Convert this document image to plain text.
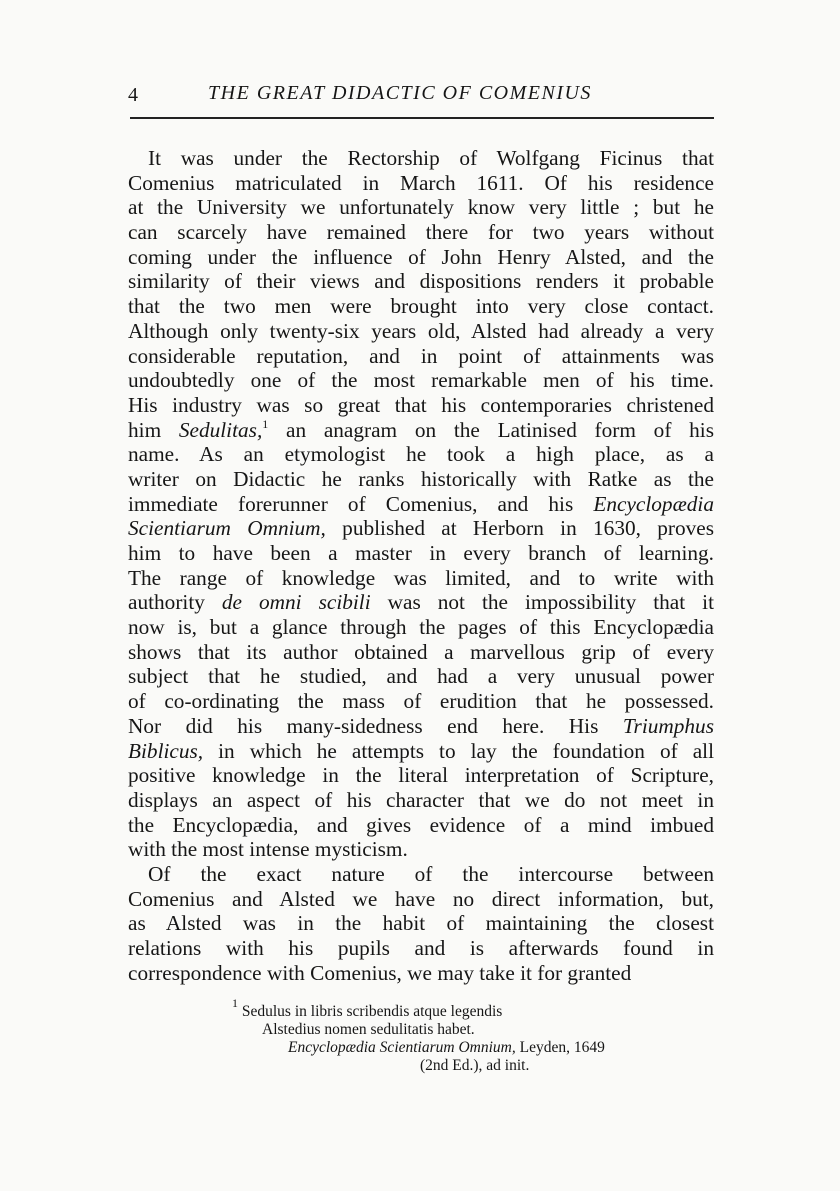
4	THE GREAT DIDACTIC OF COMENIUS
It was under the Rectorship of Wolfgang Ficinus that
Comenius matriculated in March 1611. Of his residence
at the University we unfortunately know very little ; but he
can scarcely have remained there for two years without
coming under the influence of John Henry Alsted, and the
similarity of their views and dispositions renders it probable
that the two men were brought into very close contact.
Although only twenty-six years old, Alsted had already a very
considerable reputation, and in point of attainments was
undoubtedly one of the most remarkable men of his time.
His industry was so great that his contemporaries christened
him Sedulitas,$^1$ an anagram on the Latinised form of his
name. As an etymologist he took a high place, as a
writer on Didactic he ranks historically with Ratke as the
immediate forerunner of Comenius, and his Encyclopædia
Scientiarum Omnium, published at Herborn in 1630, proves
him to have been a master in every branch of learning.
The range of knowledge was limited, and to write with
authority de omni scibili was not the impossibility that it
now is, but a glance through the pages of this Encyclopædia
shows that its author obtained a marvellous grip of every
subject that he studied, and had a very unusual power
of co-ordinating the mass of erudition that he possessed.
Nor did his many-sidedness end here. His Triumphus
Biblicus, in which he attempts to lay the foundation of all
positive knowledge in the literal interpretation of Scripture,
displays an aspect of his character that we do not meet in
the Encyclopædia, and gives evidence of a mind imbued
with the most intense mysticism.
Of the exact nature of the intercourse between
Comenius and Alsted we have no direct information, but,
as Alsted was in the habit of maintaining the closest
relations with his pupils and is afterwards found in
correspondence with Comenius, we may take it for granted
$^1$ Sedulus in libris scribendis atque legendis
Alstedius nomen sedulitatis habet.
Encyclopædia Scientiarum Omnium, Leyden, 1649
(2nd Ed.), ad init.
